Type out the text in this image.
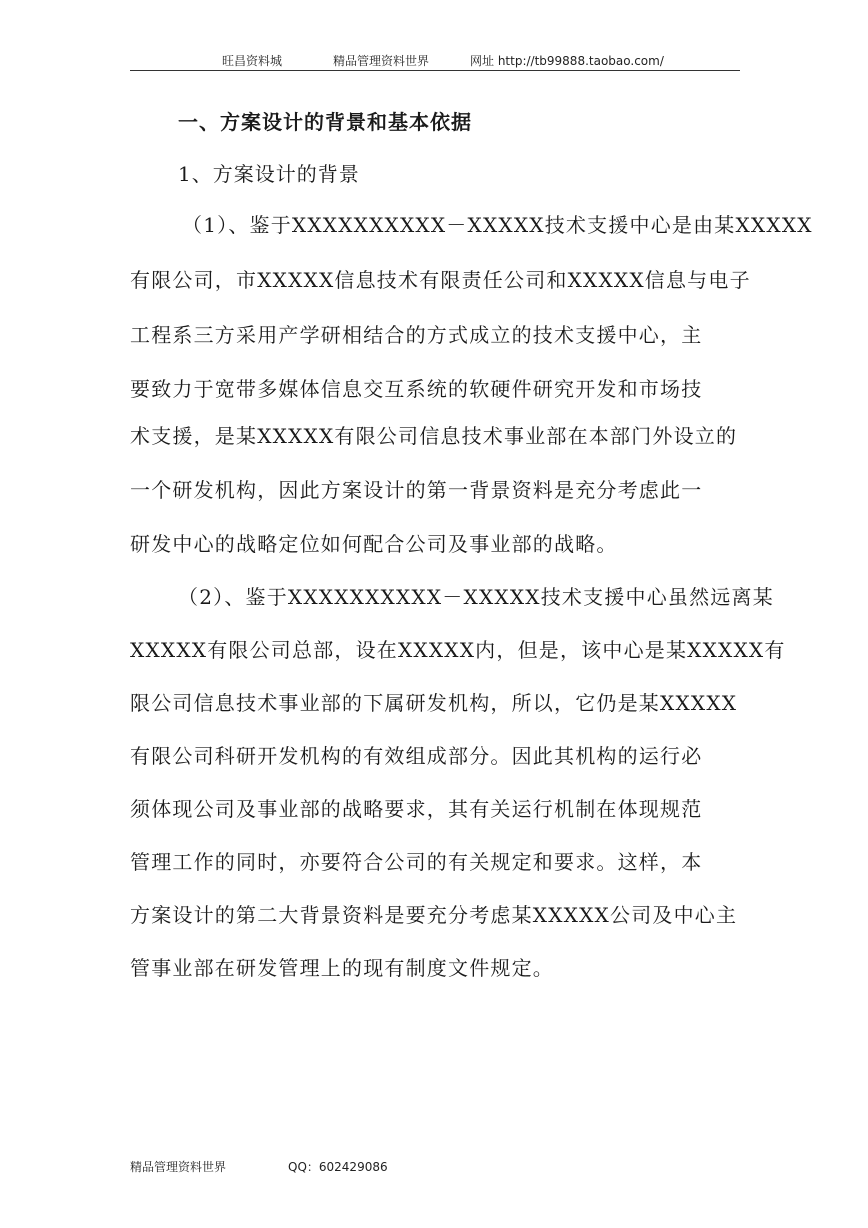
旺昌资料城	精品管理资料世界	网址 http://tb99888.taobao.com/
一、方案设计的背景和基本依据
1、方案设计的背景
（1）、鉴于XXXXXXXXXX－XXXXX技术支援中心是由某XXXXX
有限公司，市XXXXX信息技术有限责任公司和XXXXX信息与电子
工程系三方采用产学研相结合的方式成立的技术支援中心，主
要致力于宽带多媒体信息交互系统的软硬件研究开发和市场技
术支援，是某XXXXX有限公司信息技术事业部在本部门外设立的
一个研发机构，因此方案设计的第一背景资料是充分考虑此一
研发中心的战略定位如何配合公司及事业部的战略。
（2）、鉴于XXXXXXXXXX－XXXXX技术支援中心虽然远离某
XXXXX有限公司总部，设在XXXXX内，但是，该中心是某XXXXX有
限公司信息技术事业部的下属研发机构，所以，它仍是某XXXXX
有限公司科研开发机构的有效组成部分。因此其机构的运行必
须体现公司及事业部的战略要求，其有关运行机制在体现规范
管理工作的同时，亦要符合公司的有关规定和要求。这样，本
方案设计的第二大背景资料是要充分考虑某XXXXX公司及中心主
管事业部在研发管理上的现有制度文件规定。
精品管理资料世界	QQ：602429086
